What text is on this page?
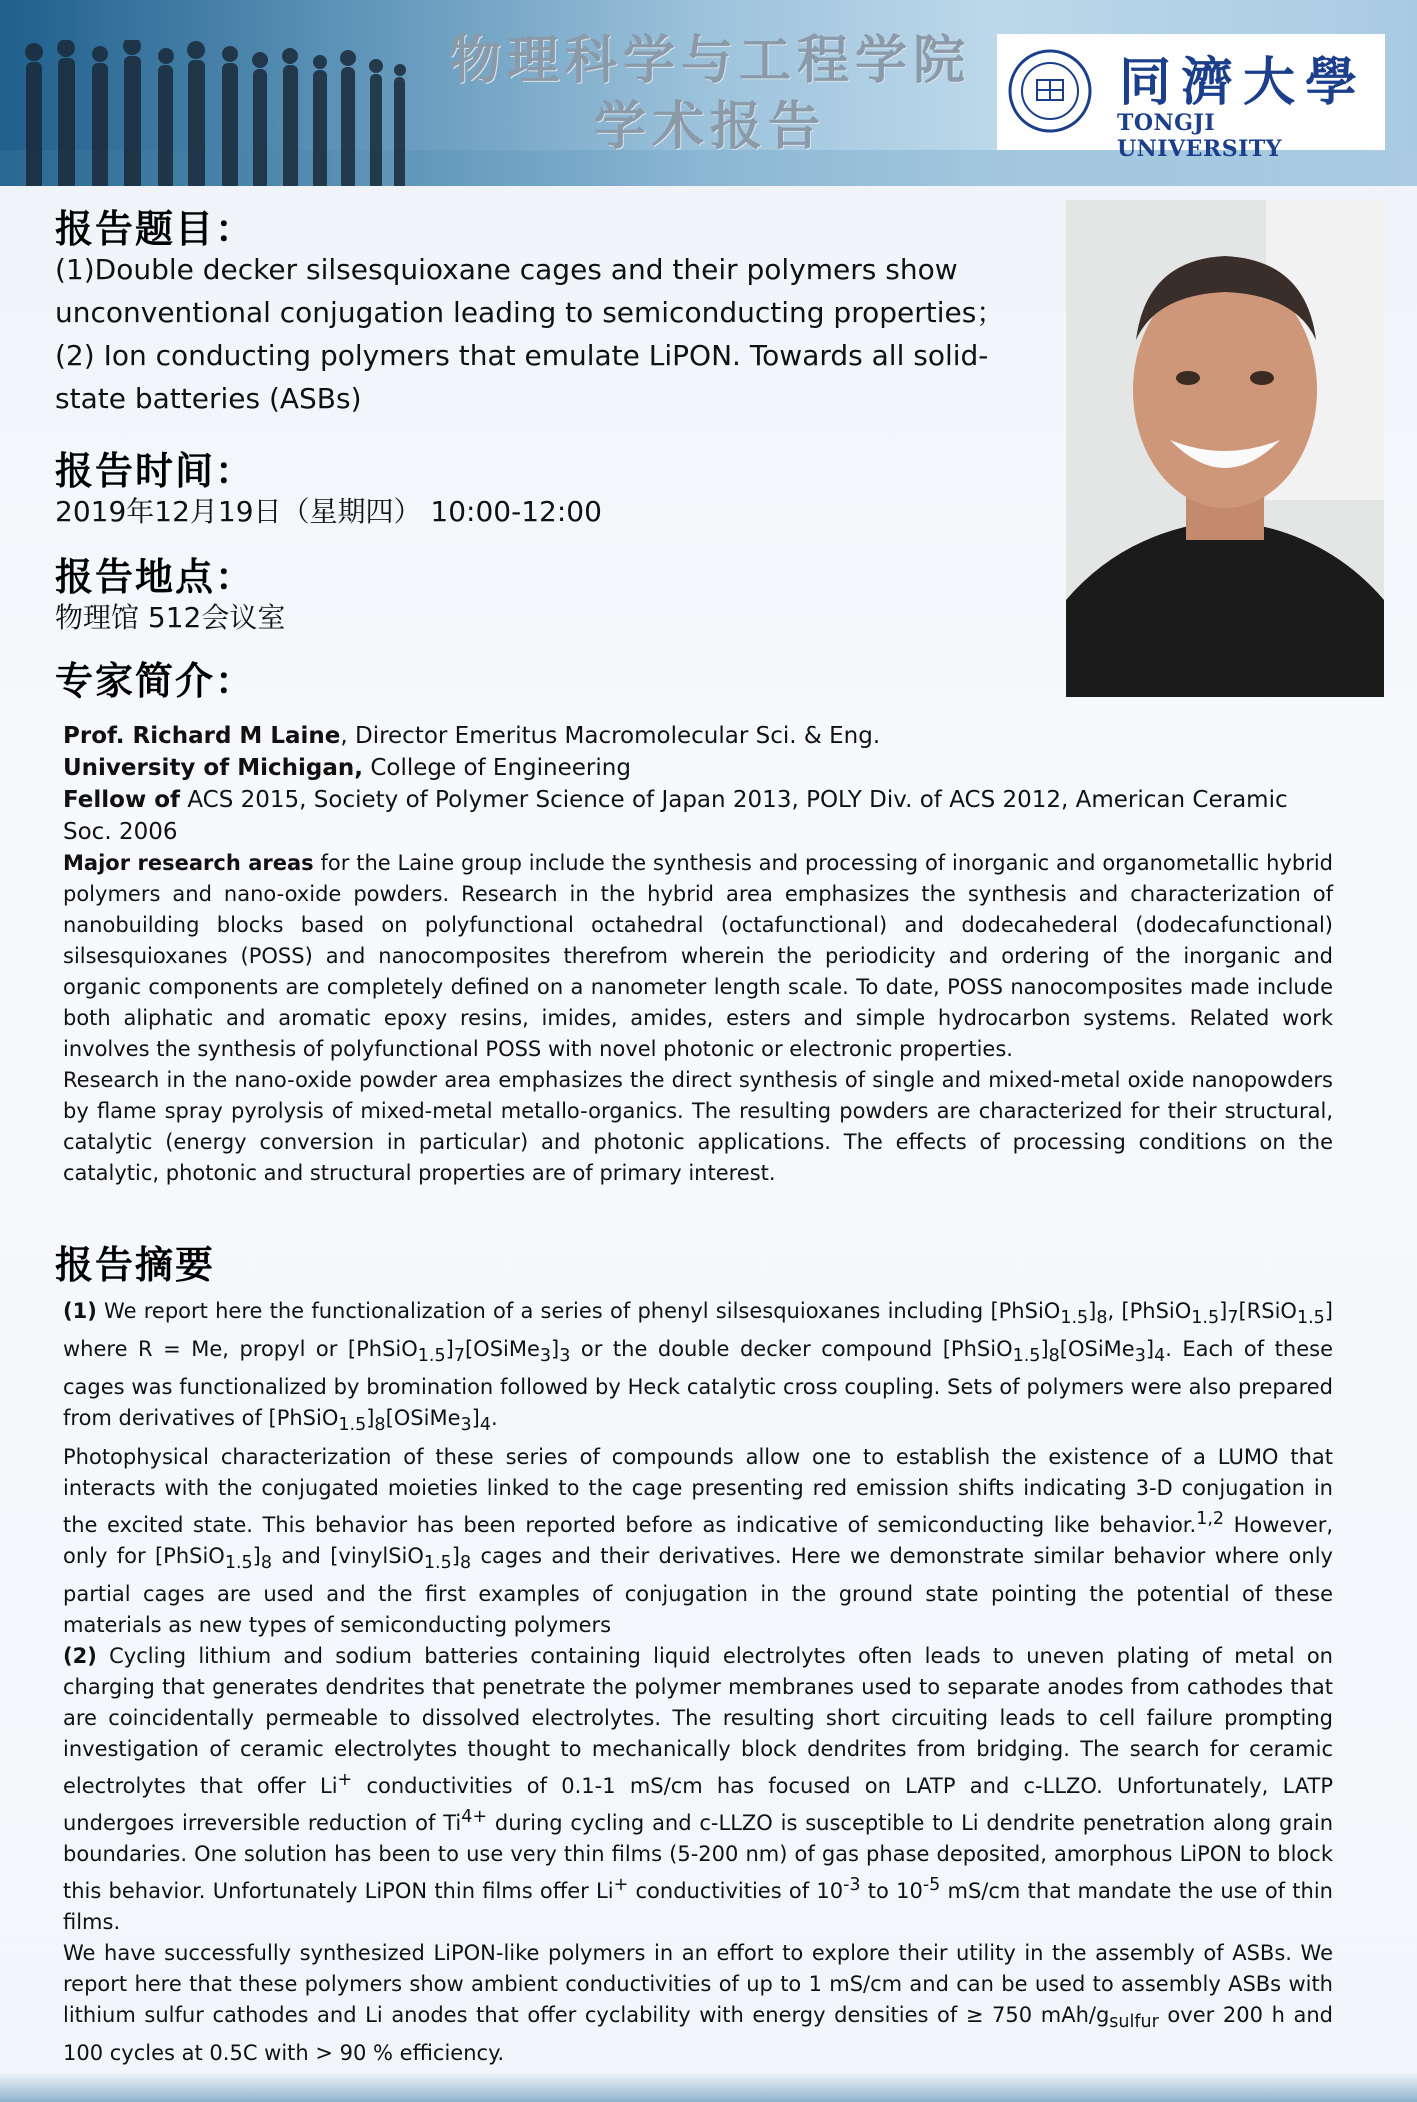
物理科学与工程学院
学术报告
同濟大學
TONGJI UNIVERSITY
报告题目：
(1)Double decker silsesquioxane cages and their polymers show
unconventional conjugation leading to semiconducting properties；
(2) Ion conducting polymers that emulate LiPON. Towards all solid-
state batteries (ASBs)
报告时间：
2019年12月19日（星期四） 10:00-12:00
报告地点：
物理馆 512会议室
专家简介：

Prof. Richard M Laine, Director Emeritus Macromolecular Sci. & Eng.

University of Michigan, College of Engineering

Fellow of ACS 2015, Society of Polymer Science of Japan 2013, POLY Div. of ACS 2012, American Ceramic Soc. 2006

Major research areas for the Laine group include the synthesis and processing of inorganic and organometallic hybrid polymers and nano-oxide powders. Research in the hybrid area emphasizes the synthesis and characterization of nanobuilding blocks based on polyfunctional octahedral (octafunctional) and dodecahederal (dodecafunctional) silsesquioxanes (POSS) and nanocomposites therefrom wherein the periodicity and ordering of the inorganic and organic components are completely defined on a nanometer length scale. To date, POSS nanocomposites made include both aliphatic and aromatic epoxy resins, imides, amides, esters and simple hydrocarbon systems. Related work involves the synthesis of polyfunctional POSS with novel photonic or electronic properties.

Research in the nano-oxide powder area emphasizes the direct synthesis of single and mixed-metal oxide nanopowders by flame spray pyrolysis of mixed-metal metallo-organics. The resulting powders are characterized for their structural, catalytic (energy conversion in particular) and photonic applications. The effects of processing conditions on the catalytic, photonic and structural properties are of primary interest.

报告摘要

(1) We report here the functionalization of a series of phenyl silsesquioxanes including $[PhSiO_{1.5}]_8$, $[PhSiO_{1.5}]_7[RSiO_{1.5}]$ where R = Me, propyl or $[PhSiO_{1.5}]_7[OSiMe_3]_3$ or the double decker compound $[PhSiO_{1.5}]_8[OSiMe_3]_4$. Each of these cages was functionalized by bromination followed by Heck catalytic cross coupling. Sets of polymers were also prepared from derivatives of $[PhSiO_{1.5}]_8[OSiMe_3]_4$.

Photophysical characterization of these series of compounds allow one to establish the existence of a LUMO that interacts with the conjugated moieties linked to the cage presenting red emission shifts indicating 3-D conjugation in the excited state. This behavior has been reported before as indicative of semiconducting like behavior.$^{1,2}$ However, only for $[PhSiO_{1.5}]_8$ and $[vinylSiO_{1.5}]_8$ cages and their derivatives. Here we demonstrate similar behavior where only partial cages are used and the first examples of conjugation in the ground state pointing the potential of these materials as new types of semiconducting polymers

(2) Cycling lithium and sodium batteries containing liquid electrolytes often leads to uneven plating of metal on charging that generates dendrites that penetrate the polymer membranes used to separate anodes from cathodes that are coincidentally permeable to dissolved electrolytes. The resulting short circuiting leads to cell failure prompting investigation of ceramic electrolytes thought to mechanically block dendrites from bridging. The search for ceramic electrolytes that offer Li+ conductivities of 0.1-1 mS/cm has focused on LATP and c-LLZO. Unfortunately, LATP undergoes irreversible reduction of $Ti^{4+}$ during cycling and c-LLZO is susceptible to Li dendrite penetration along grain boundaries. One solution has been to use very thin films (5-200 nm) of gas phase deposited, amorphous LiPON to block this behavior. Unfortunately LiPON thin films offer Li+ conductivities of $10^{-3}$ to $10^{-5}$ mS/cm that mandate the use of thin films.

We have successfully synthesized LiPON-like polymers in an effort to explore their utility in the assembly of ASBs. We report here that these polymers show ambient conductivities of up to 1 mS/cm and can be used to assembly ASBs with lithium sulfur cathodes and Li anodes that offer cyclability with energy densities of ≥ 750 mAh/$g_{sulfur}$ over 200 h and 100 cycles at 0.5C with > 90 % efficiency.
